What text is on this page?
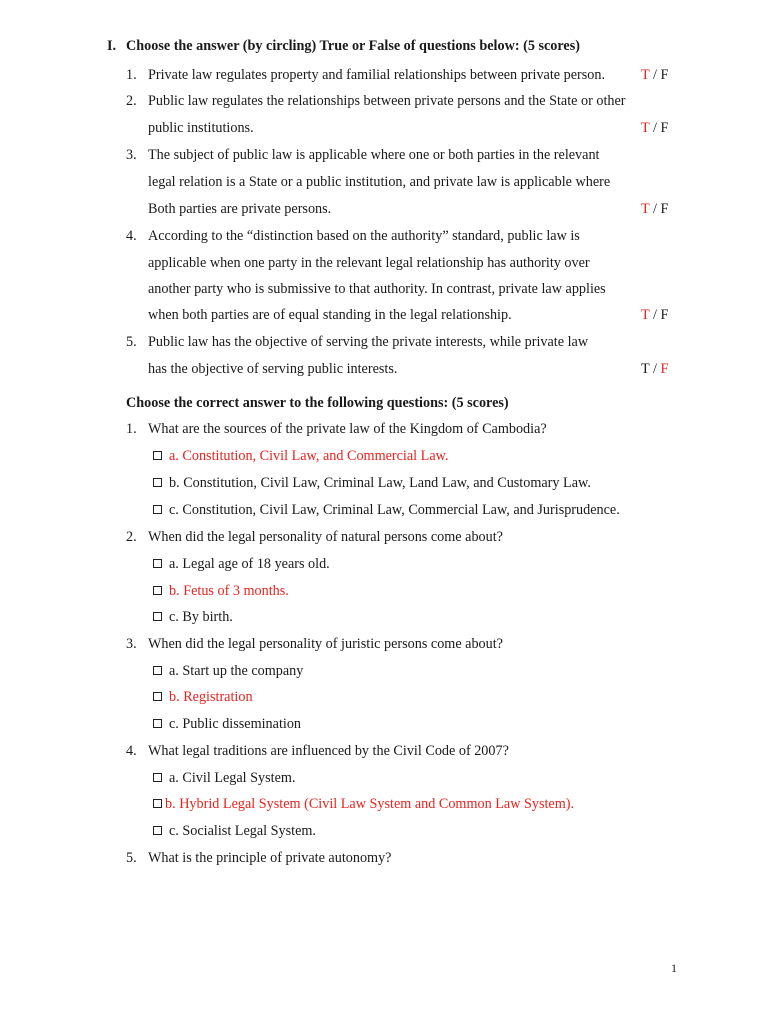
I. Choose the answer (by circling) True or False of questions below: (5 scores)
1. Private law regulates property and familial relationships between private person.	T / F
2. Public law regulates the relationships between private persons and the State or other
public institutions.	T / F
3. The subject of public law is applicable where one or both parties in the relevant
legal relation is a State or a public institution, and private law is applicable where
Both parties are private persons.	T / F
4. According to the “distinction based on the authority” standard, public law is
applicable when one party in the relevant legal relationship has authority over
another party who is submissive to that authority. In contrast, private law applies
when both parties are of equal standing in the legal relationship.	T / F
5. Public law has the objective of serving the private interests, while private law
has the objective of serving public interests.	T / F
Choose the correct answer to the following questions: (5 scores)
1. What are the sources of the private law of the Kingdom of Cambodia?
a. Constitution, Civil Law, and Commercial Law.
b. Constitution, Civil Law, Criminal Law, Land Law, and Customary Law.
c. Constitution, Civil Law, Criminal Law, Commercial Law, and Jurisprudence.
2. When did the legal personality of natural persons come about?
a. Legal age of 18 years old.
b. Fetus of 3 months.
c. By birth.
3. When did the legal personality of juristic persons come about?
a. Start up the company
b. Registration
c. Public dissemination
4. What legal traditions are influenced by the Civil Code of 2007?
a. Civil Legal System.
b. Hybrid Legal System (Civil Law System and Common Law System).
c. Socialist Legal System.
5. What is the principle of private autonomy?
1
